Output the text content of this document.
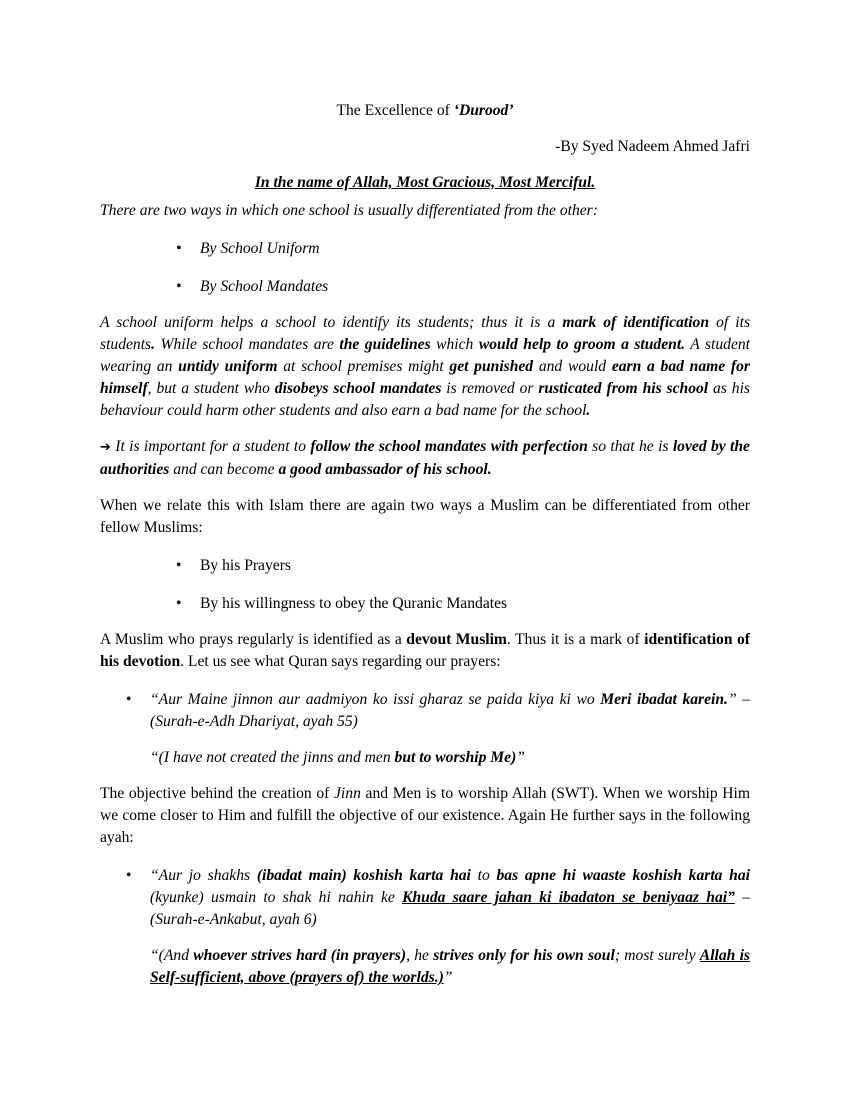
The Excellence of ‘Durood’

-By Syed Nadeem Ahmed Jafri

In the name of Allah, Most Gracious, Most Merciful.

There are two ways in which one school is usually differentiated from the other:

• By School Uniform
• By School Mandates

A school uniform helps a school to identify its students; thus it is a mark of identification of its students. While school mandates are the guidelines which would help to groom a student. A student wearing an untidy uniform at school premises might get punished and would earn a bad name for himself, but a student who disobeys school mandates is removed or rusticated from his school as his behaviour could harm other students and also earn a bad name for the school.

➔ It is important for a student to follow the school mandates with perfection so that he is loved by the authorities and can become a good ambassador of his school.

When we relate this with Islam there are again two ways a Muslim can be differentiated from other fellow Muslims:

• By his Prayers
• By his willingness to obey the Quranic Mandates

A Muslim who prays regularly is identified as a devout Muslim. Thus it is a mark of identification of his devotion. Let us see what Quran says regarding our prayers:

• “Aur Maine jinnon aur aadmiyon ko issi gharaz se paida kiya ki wo Meri ibadat karein.” – (Surah-e-Adh Dhariyat, ayah 55)

“(I have not created the jinns and men but to worship Me)”

The objective behind the creation of Jinn and Men is to worship Allah (SWT). When we worship Him we come closer to Him and fulfill the objective of our existence. Again He further says in the following ayah:

• “Aur jo shakhs (ibadat main) koshish karta hai to bas apne hi waaste koshish karta hai (kyunke) usmain to shak hi nahin ke Khuda saare jahan ki ibadaton se beniyaaz hai” – (Surah-e-Ankabut, ayah 6)

“(And whoever strives hard (in prayers), he strives only for his own soul; most surely Allah is Self-sufficient, above (prayers of) the worlds.)”
